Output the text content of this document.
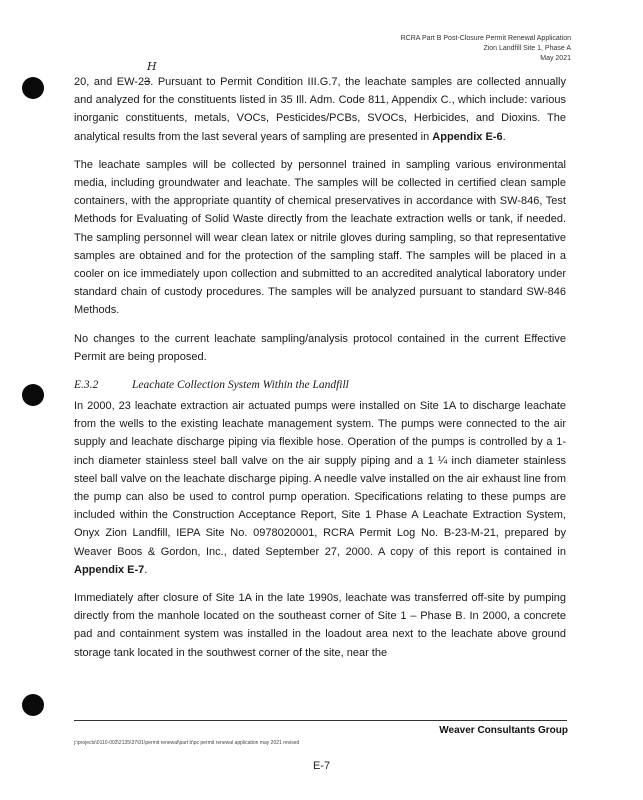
RCRA Part B Post-Closure Permit Renewal Application
Zion Landfill Site 1, Phase A
May 2021
H

20, and EW-23. Pursuant to Permit Condition III.G.7, the leachate samples are collected annually and analyzed for the constituents listed in 35 Ill. Adm. Code 811, Appendix C., which include: various inorganic constituents, metals, VOCs, Pesticides/PCBs, SVOCs, Herbicides, and Dioxins. The analytical results from the last several years of sampling are presented in Appendix E-6.

The leachate samples will be collected by personnel trained in sampling various environmental media, including groundwater and leachate. The samples will be collected in certified clean sample containers, with the appropriate quantity of chemical preservatives in accordance with SW-846, Test Methods for Evaluating of Solid Waste directly from the leachate extraction wells or tank, if needed. The sampling personnel will wear clean latex or nitrile gloves during sampling, so that representative samples are obtained and for the protection of the sampling staff. The samples will be placed in a cooler on ice immediately upon collection and submitted to an accredited analytical laboratory under standard chain of custody procedures. The samples will be analyzed pursuant to standard SW-846 Methods.

No changes to the current leachate sampling/analysis protocol contained in the current Effective Permit are being proposed.

E.3.2	Leachate Collection System Within the Landfill

In 2000, 23 leachate extraction air actuated pumps were installed on Site 1A to discharge leachate from the wells to the existing leachate management system. The pumps were connected to the air supply and leachate discharge piping via flexible hose. Operation of the pumps is controlled by a 1-inch diameter stainless steel ball valve on the air supply piping and a 1 ¼ inch diameter stainless steel ball valve on the leachate discharge piping. A needle valve installed on the air exhaust line from the pump can also be used to control pump operation. Specifications relating to these pumps are included within the Construction Acceptance Report, Site 1 Phase A Leachate Extraction System, Onyx Zion Landfill, IEPA Site No. 0978020001, RCRA Permit Log No. B-23-M-21, prepared by Weaver Boos & Gordon, Inc., dated September 27, 2000. A copy of this report is contained in Appendix E-7.

Immediately after closure of Site 1A in the late 1990s, leachate was transferred off-site by pumping directly from the manhole located on the southeast corner of Site 1 – Phase B. In 2000, a concrete pad and containment system was installed in the loadout area next to the leachate above ground storage tank located in the southwest corner of the site, near the

Weaver Consultants Group
j:\projects\0110-003\2135\37\01\permit renewal\part b\pc permit renewal application may 2021 revised
E-7
